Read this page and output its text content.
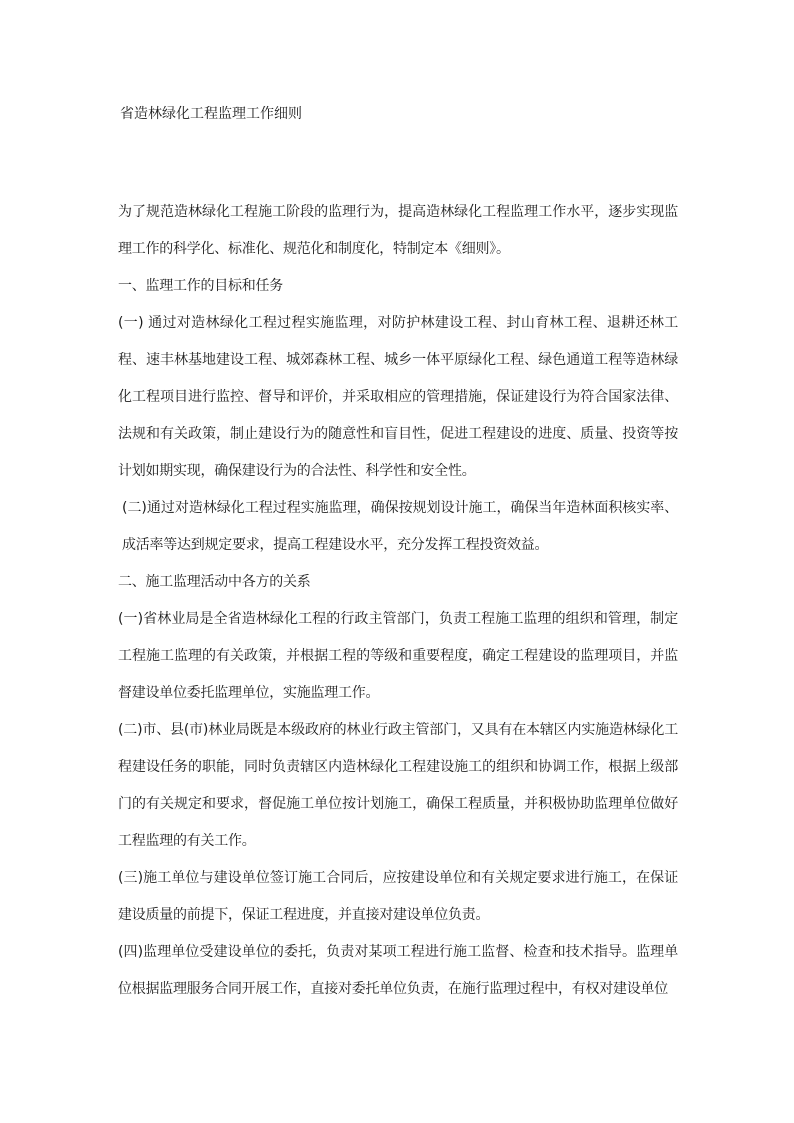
省造林绿化工程监理工作细则

为了规范造林绿化工程施工阶段的监理行为，提高造林绿化工程监理工作水平，逐步实现监理工作的科学化、标准化、规范化和制度化，特制定本《细则》。

一、监理工作的目标和任务

(一) 通过对造林绿化工程过程实施监理，对防护林建设工程、封山育林工程、退耕还林工程、速丰林基地建设工程、城郊森林工程、城乡一体平原绿化工程、绿色通道工程等造林绿化工程项目进行监控、督导和评价，并采取相应的管理措施，保证建设行为符合国家法律、法规和有关政策，制止建设行为的随意性和盲目性，促进工程建设的进度、质量、投资等按计划如期实现，确保建设行为的合法性、科学性和安全性。

(二)通过对造林绿化工程过程实施监理，确保按规划设计施工，确保当年造林面积核实率、成活率等达到规定要求，提高工程建设水平，充分发挥工程投资效益。

二、施工监理活动中各方的关系

(一)省林业局是全省造林绿化工程的行政主管部门，负责工程施工监理的组织和管理，制定工程施工监理的有关政策，并根据工程的等级和重要程度，确定工程建设的监理项目，并监督建设单位委托监理单位，实施监理工作。

(二)市、县(市)林业局既是本级政府的林业行政主管部门，又具有在本辖区内实施造林绿化工程建设任务的职能，同时负责辖区内造林绿化工程建设施工的组织和协调工作，根据上级部门的有关规定和要求，督促施工单位按计划施工，确保工程质量，并积极协助监理单位做好工程监理的有关工作。

(三)施工单位与建设单位签订施工合同后，应按建设单位和有关规定要求进行施工，在保证建设质量的前提下，保证工程进度，并直接对建设单位负责。

(四)监理单位受建设单位的委托，负责对某项工程进行施工监督、检查和技术指导。监理单位根据监理服务合同开展工作，直接对委托单位负责，在施行监理过程中，有权对建设单位
